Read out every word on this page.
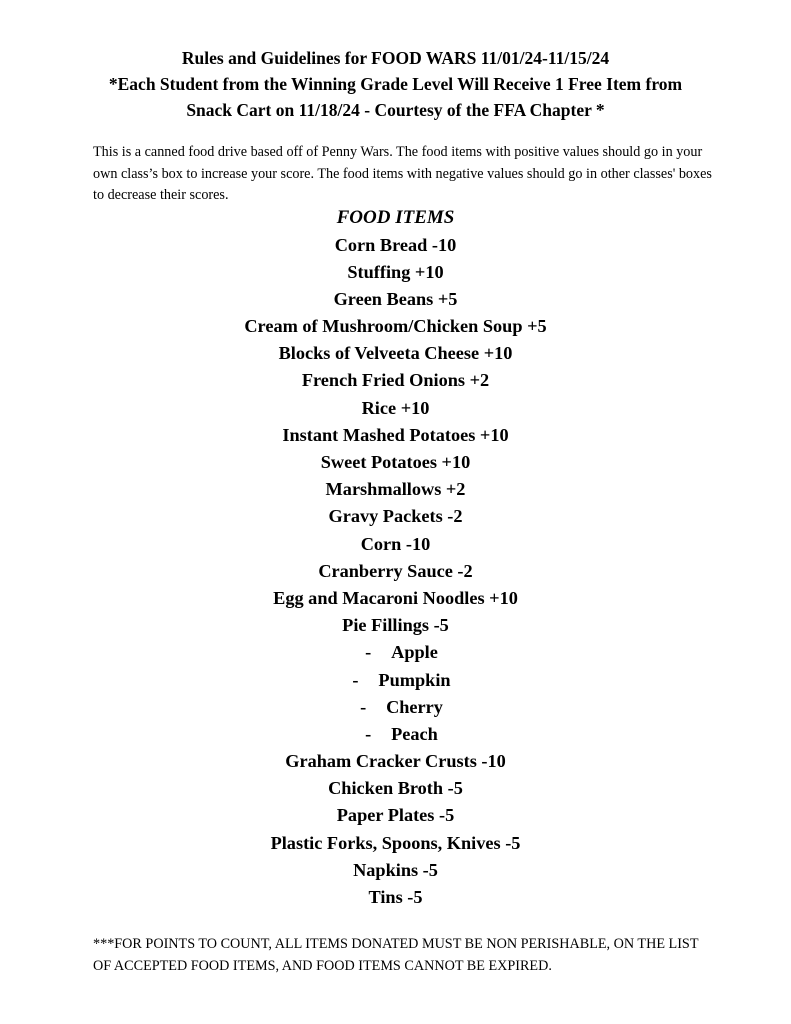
Rules and Guidelines for FOOD WARS 11/01/24-11/15/24
*Each Student from the Winning Grade Level Will Receive 1 Free Item from
Snack Cart on 11/18/24 - Courtesy of the FFA Chapter *

This is a canned food drive based off of Penny Wars. The food items with positive values should go in your own class’s box to increase your score. The food items with negative values should go in other classes' boxes to decrease their scores.

FOOD ITEMS
Corn Bread -10
Stuffing +10
Green Beans +5
Cream of Mushroom/Chicken Soup +5
Blocks of Velveeta Cheese +10
French Fried Onions +2
Rice +10
Instant Mashed Potatoes +10
Sweet Potatoes +10
Marshmallows +2
Gravy Packets -2
Corn -10
Cranberry Sauce -2
Egg and Macaroni Noodles +10
Pie Fillings -5
- Apple
- Pumpkin
- Cherry
- Peach
Graham Cracker Crusts -10
Chicken Broth -5
Paper Plates -5
Plastic Forks, Spoons, Knives -5
Napkins -5
Tins -5

***FOR POINTS TO COUNT, ALL ITEMS DONATED MUST BE NON PERISHABLE, ON THE LIST OF ACCEPTED FOOD ITEMS, AND FOOD ITEMS CANNOT BE EXPIRED.
